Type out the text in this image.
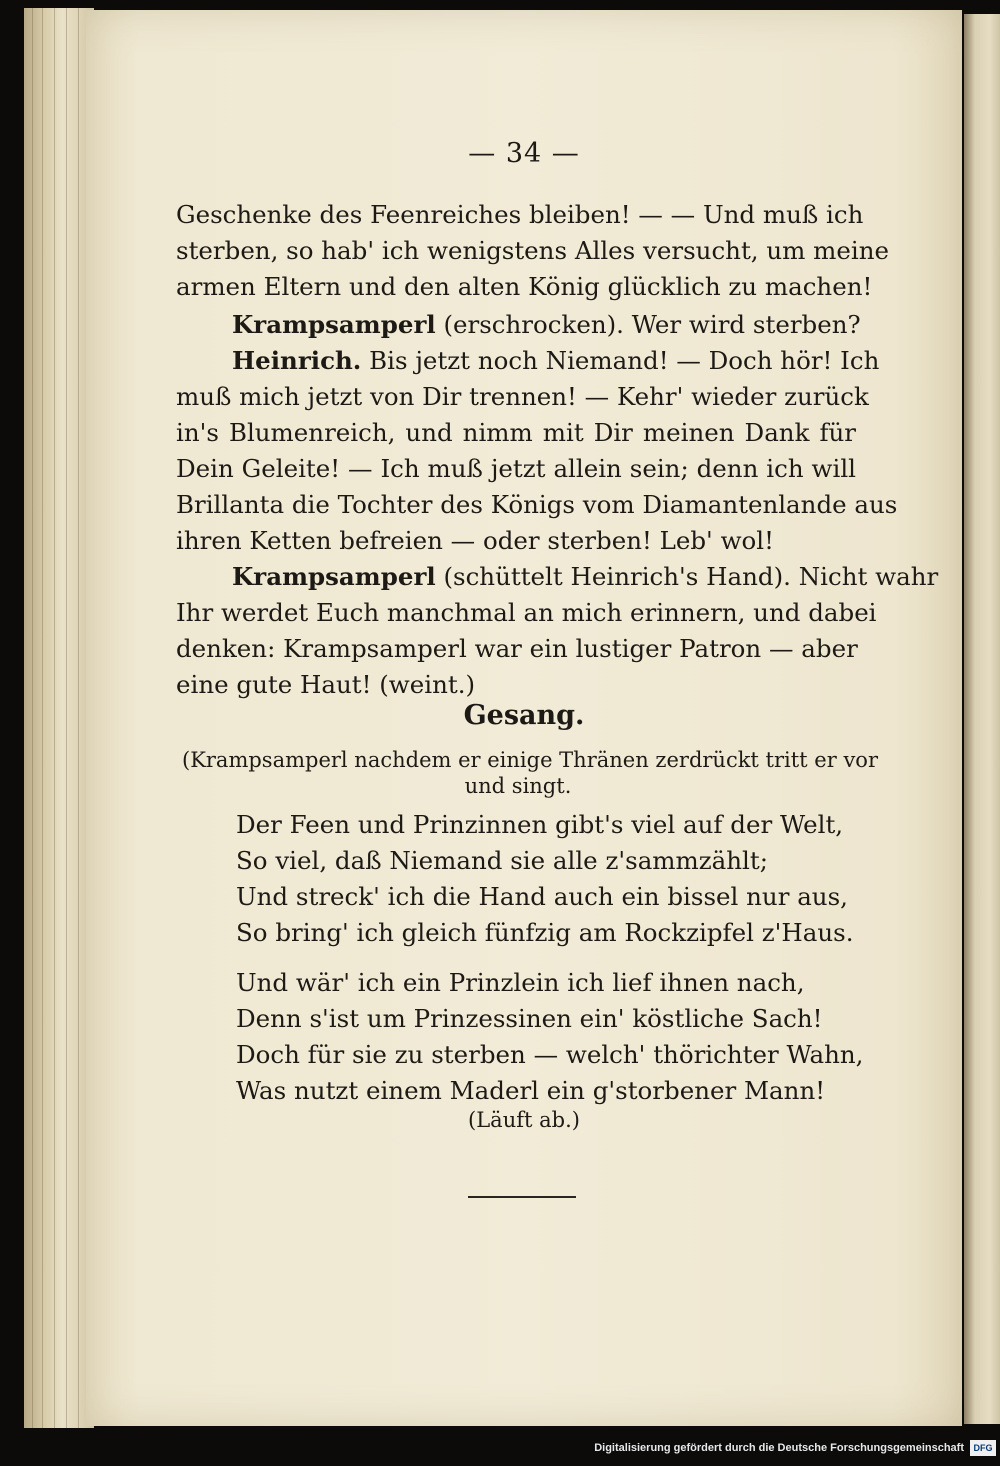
— 34 —
Geschenke des Feenreiches bleiben! — — Und muß ich
sterben, so hab' ich wenigstens Alles versucht, um meine
armen Eltern und den alten König glücklich zu machen!
Krampsamperl (erschrocken). Wer wird sterben?
Heinrich. Bis jetzt noch Niemand! — Doch hör! Ich
muß mich jetzt von Dir trennen! — Kehr' wieder zurück
in's Blumenreich, und nimm mit Dir meinen Dank für
Dein Geleite! — Ich muß jetzt allein sein; denn ich will
Brillanta die Tochter des Königs vom Diamantenlande aus
ihren Ketten befreien — oder sterben! Leb' wol!
Krampsamperl (schüttelt Heinrich's Hand). Nicht wahr
Ihr werdet Euch manchmal an mich erinnern, und dabei
denken: Krampsamperl war ein lustiger Patron — aber
eine gute Haut! (weint.)
Gesang.
(Krampsamperl nachdem er einige Thränen zerdrückt tritt er vor
und singt.
Der Feen und Prinzinnen gibt's viel auf der Welt,
So viel, daß Niemand sie alle z'sammzählt;
Und streck' ich die Hand auch ein bissel nur aus,
So bring' ich gleich fünfzig am Rockzipfel z'Haus.
Und wär' ich ein Prinzlein ich lief ihnen nach,
Denn s'ist um Prinzessinen ein' köstliche Sach!
Doch für sie zu sterben — welch' thörichter Wahn,
Was nutzt einem Maderl ein g'storbener Mann!
(Läuft ab.)
Digitalisierung gefördert durch die Deutsche Forschungsgemeinschaft	DFG
